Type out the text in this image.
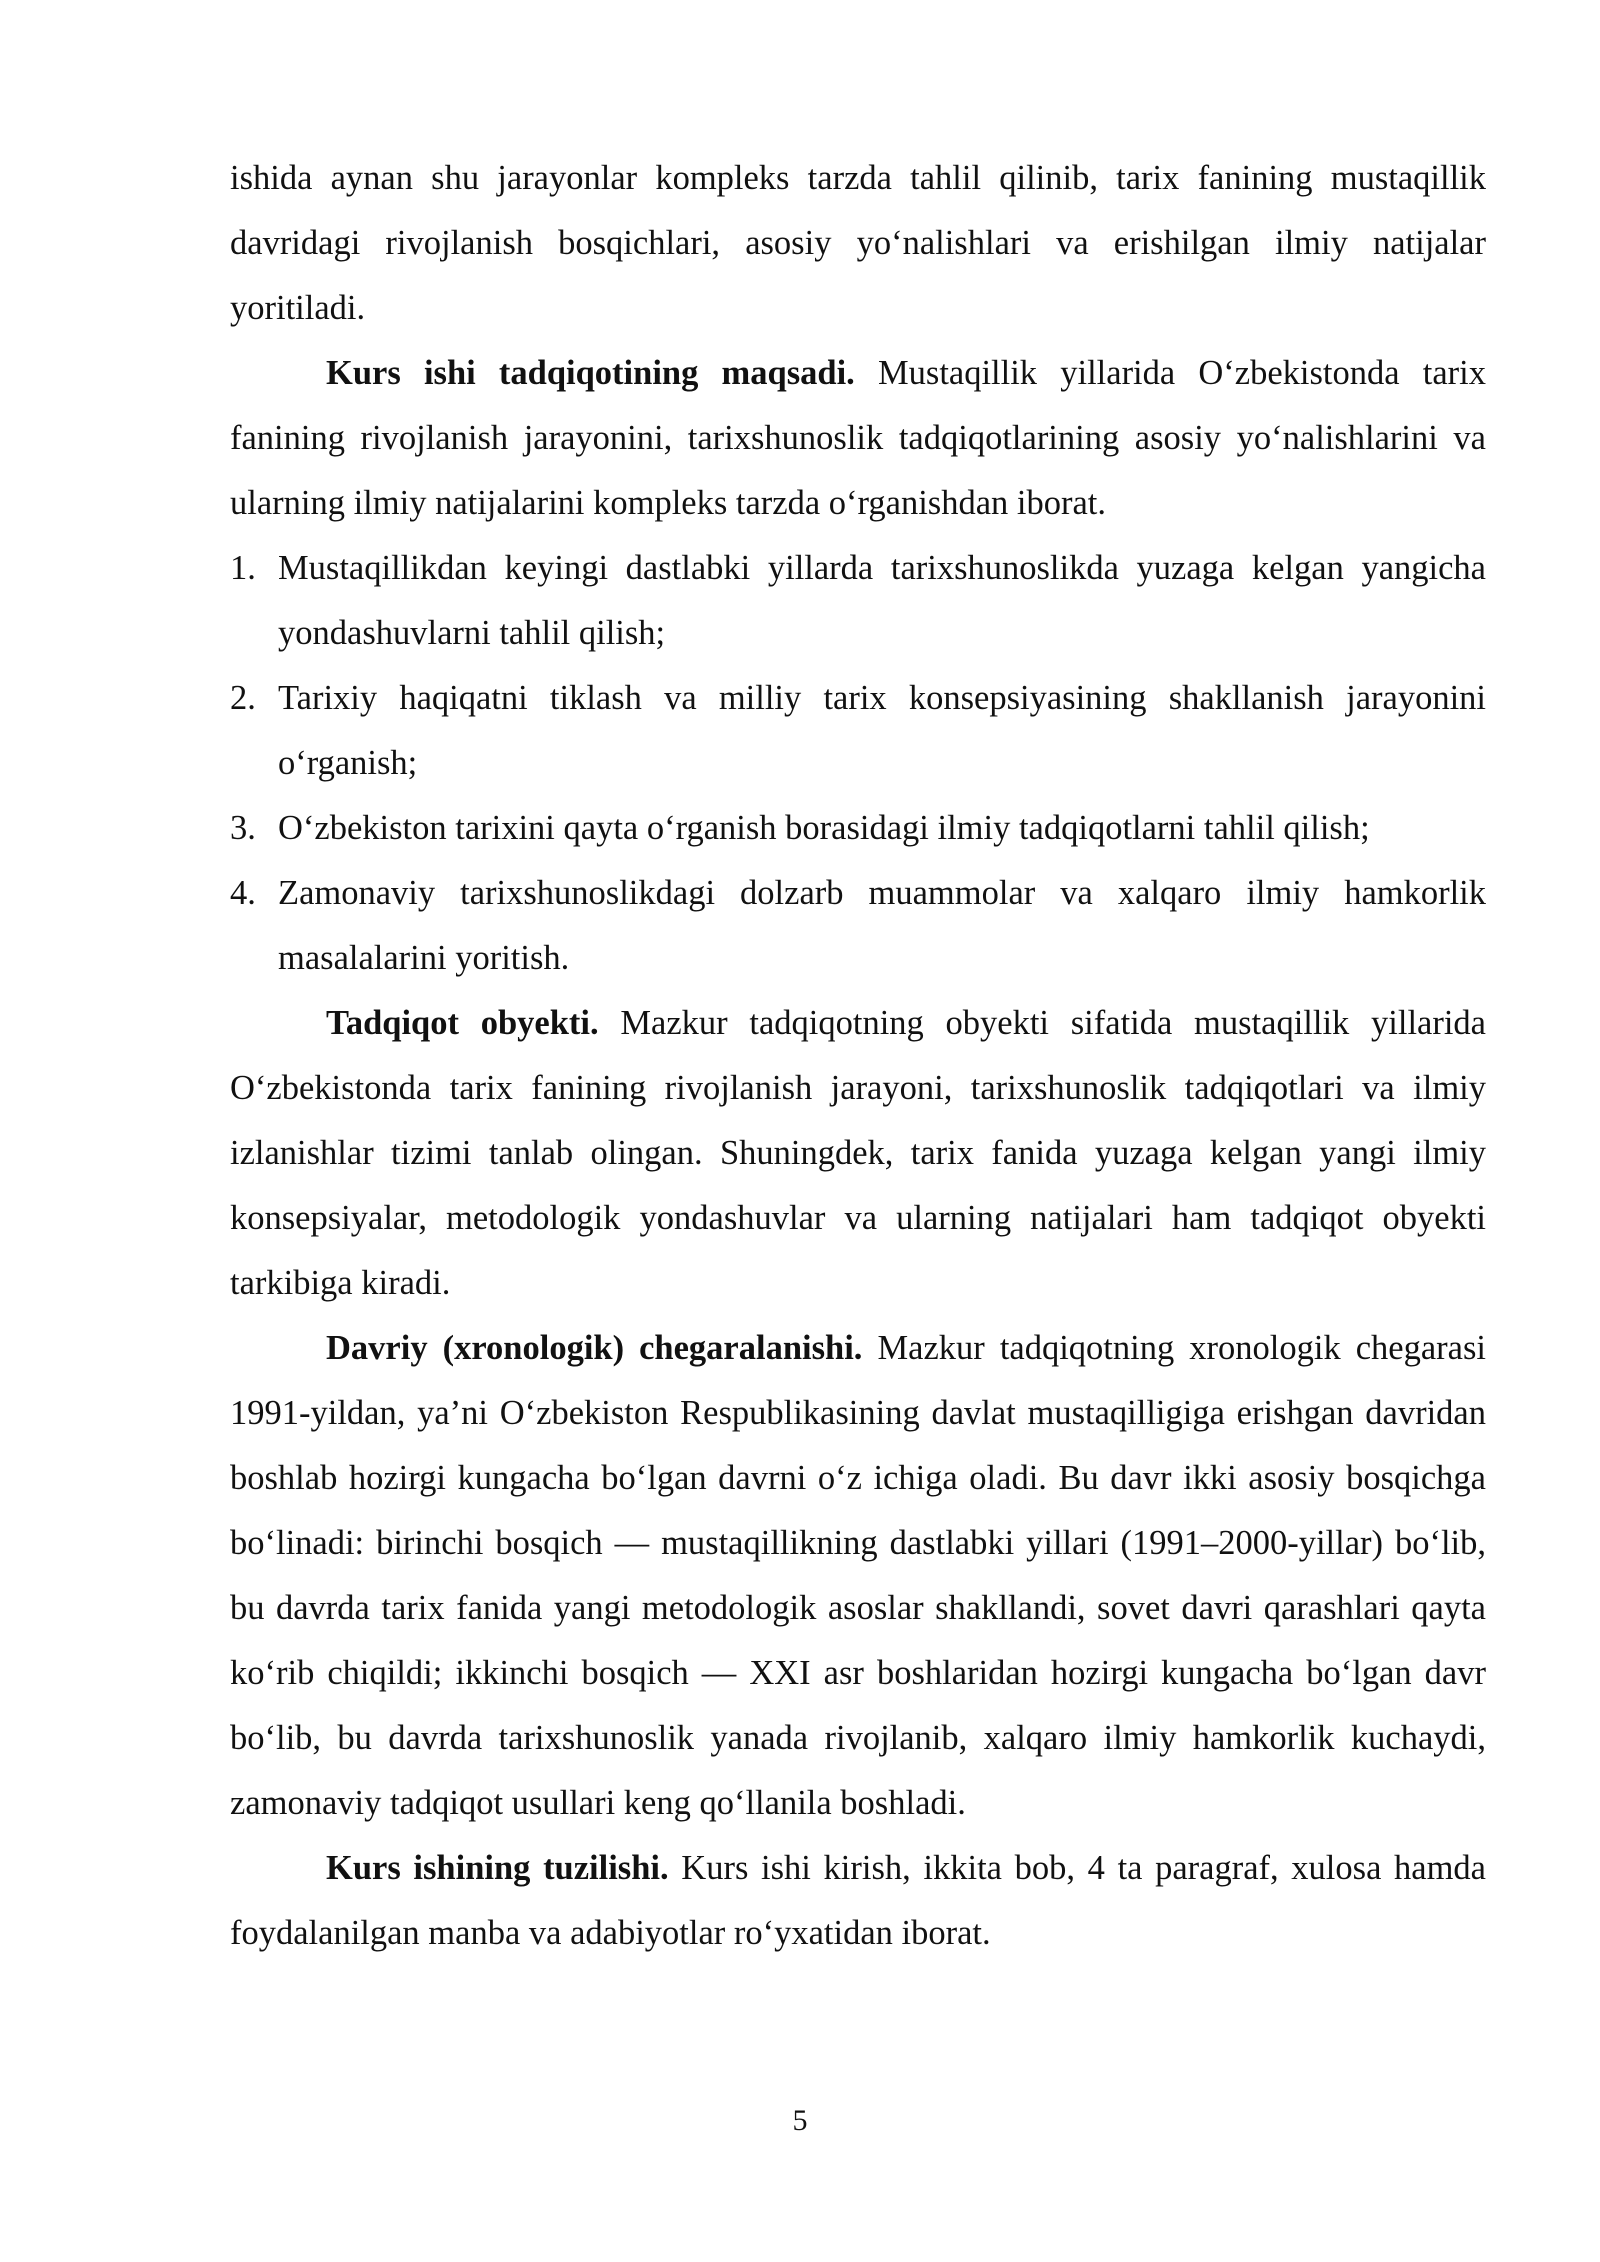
ishida aynan shu jarayonlar kompleks tarzda tahlil qilinib, tarix fanining mustaqillik davridagi rivojlanish bosqichlari, asosiy yo‘nalishlari va erishilgan ilmiy natijalar yoritiladi.

Kurs ishi tadqiqotining maqsadi. Mustaqillik yillarida O‘zbekistonda tarix fanining rivojlanish jarayonini, tarixshunoslik tadqiqotlarining asosiy yo‘nalishlarini va ularning ilmiy natijalarini kompleks tarzda o‘rganishdan iborat.

1. Mustaqillikdan keyingi dastlabki yillarda tarixshunoslikda yuzaga kelgan yangicha yondashuvlarni tahlil qilish;
2. Tarixiy haqiqatni tiklash va milliy tarix konsepsiyasining shakllanish jarayonini o‘rganish;
3. O‘zbekiston tarixini qayta o‘rganish borasidagi ilmiy tadqiqotlarni tahlil qilish;
4. Zamonaviy tarixshunoslikdagi dolzarb muammolar va xalqaro ilmiy hamkorlik masalalarini yoritish.

Tadqiqot obyekti. Mazkur tadqiqotning obyekti sifatida mustaqillik yillarida O‘zbekistonda tarix fanining rivojlanish jarayoni, tarixshunoslik tadqiqotlari va ilmiy izlanishlar tizimi tanlab olingan. Shuningdek, tarix fanida yuzaga kelgan yangi ilmiy konsepsiyalar, metodologik yondashuvlar va ularning natijalari ham tadqiqot obyekti tarkibiga kiradi.

Davriy (xronologik) chegaralanishi. Mazkur tadqiqotning xronologik chegarasi 1991-yildan, ya’ni O‘zbekiston Respublikasining davlat mustaqilligiga erishgan davridan boshlab hozirgi kungacha bo‘lgan davrni o‘z ichiga oladi. Bu davr ikki asosiy bosqichga bo‘linadi: birinchi bosqich — mustaqillikning dastlabki yillari (1991–2000-yillar) bo‘lib, bu davrda tarix fanida yangi metodologik asoslar shakllandi, sovet davri qarashlari qayta ko‘rib chiqildi; ikkinchi bosqich — XXI asr boshlaridan hozirgi kungacha bo‘lgan davr bo‘lib, bu davrda tarixshunoslik yanada rivojlanib, xalqaro ilmiy hamkorlik kuchaydi, zamonaviy tadqiqot usullari keng qo‘llanila boshladi.

Kurs ishining tuzilishi. Kurs ishi kirish, ikkita bob, 4 ta paragraf, xulosa hamda foydalanilgan manba va adabiyotlar ro‘yxatidan iborat.

5
